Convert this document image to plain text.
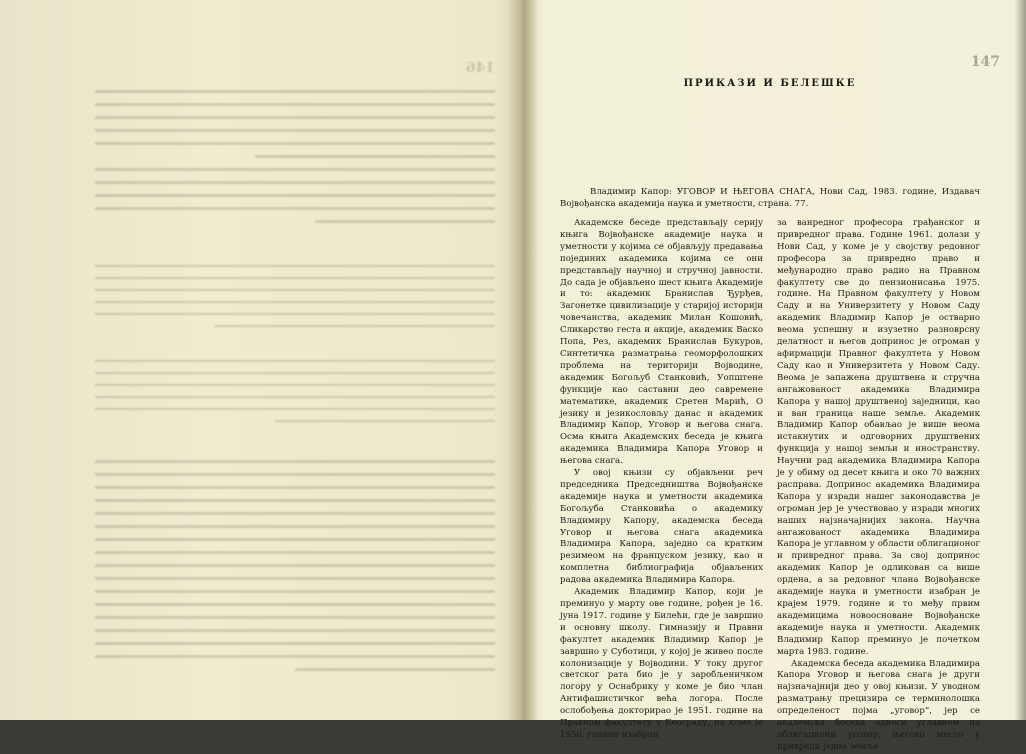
146	147
ПРИКАЗИ И БЕЛЕШКЕ
Владимир Капор: УГОВОР И ЊЕГОВА СНАГА, Нови Сад, 1983. године, Издавач Војвођанска академија наука и уметности, страна. 77.

Академске беседе представљају серију књига Војвођанске академије наука и уметности у којима се објављују предавања појединих академика којима се они представљају научној и стручној јавности. До сада је објављено шест књига Академије и то: академик Бранислав Ђурђев, Загонетке цивилизације у старијој историји човечанства, академик Милан Кошовић, Сликарство геста и акције, академик Васко Попа, Рез, академик Бранислав Букуров, Синтетичка разматрања геоморфолошких проблема на територији Војводине, академик Богољуб Станковић, Уопштене функције као саставни део савремене математике, академик Сретен Марић, О језику и језикословљу данас и академик Владимир Капор, Уговор и његова снага. Осма књига Академских беседа је књига академика Владимира Капора Уговор и његова снага.

У овој књизи су објављени реч председника Председништва Војвођанске академије наука и уметности академика Богољуба Станковића о академику Владимиру Капору, академска беседа Уговор и његова снага академика Владимира Капора, заједно са кратким резимеом на француском језику, као и комплетна библиографија објављених радова академика Владимира Капора.

Академик Владимир Капор, који је преминуо у марту ове године, рођен је 16. јуна 1917. године у Билећи, где је завршио и основну школу. Гимназију и Правни факултет академик Владимир Капор је завршио у Суботици, у којој је живео после колонизације у Војводини. У току другог светског рата био је у заробљеничком логору у Оснабрику у коме је био члан Антифашистичког већа логора. После ослобођења докторирао је 1951. године на Правном факултету у Београду, на коме је 1956. године изабран

за ванредног професора грађанског и привредног права. Године 1961. долази у Нови Сад, у коме је у својству редовног професора за привредно право и међународно право радио на Правном факултету све до пензионисања 1975. године. На Правном факултету у Новом Саду и на Универзитету у Новом Саду академик Владимир Капор је остварио веома успешну и изузетно разноврсну делатност и његов допринос је огроман у афирмацији Правног факултета у Новом Саду као и Универзитета у Новом Саду. Веома је запажена друштвена и стручна ангажованост академика Владимира Капора у нашој друштвеној заједници, као и ван граница наше земље. Академик Владимир Капор обављао је више веома истакнутих и одговорних друштвених функција у нашој земљи и иностранству. Научни рад академика Владимира Капора је у обиму од десет књига и око 70 важних расправа. Допринос академика Владимира Капора у изради нашег законодавства је огроман јер је учествовао у изради многих наших најзначајнијих закона. Научна ангажованост академика Владимира Капора је углавном у области облигационог и привредног права. За свој допринос академик Капор је одликован са више ордена, а за редовног члана Војвођанске академије наука и уметности изабран је крајем 1979. године и то међу првим академицима новоосноване Војвођанске академије наука и уметности. Академик Владимир Капор преминуо је почетком марта 1983. године.

Академска беседа академика Владимира Капора Уговор и његова снага је други најзначајнији део у овој књизи. У уводном разматрању прецизира се терминолошка определеност појма „уговор“, јер се академска беседа односи углавном на облигациони уговор, његово место у привреди једне земље
